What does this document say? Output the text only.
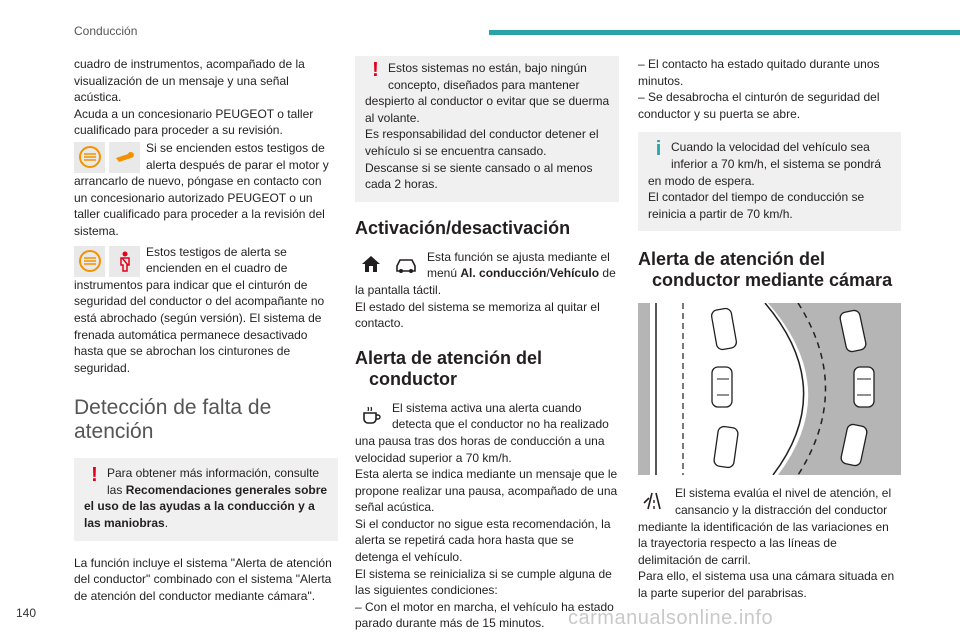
Conducción

cuadro de instrumentos, acompañado de la visualización de un mensaje y una señal acústica.

Acuda a un concesionario PEUGEOT o taller cualificado para proceder a su revisión.

Si se encienden estos testigos de alerta después de parar el motor y arrancarlo de nuevo, póngase en contacto con un concesionario autorizado PEUGEOT o un taller cualificado para proceder a la revisión del sistema.

Estos testigos de alerta se encienden en el cuadro de instrumentos para indicar que el cinturón de seguridad del conductor o del acompañante no está abrochado (según versión). El sistema de frenada automática permanece desactivado hasta que se abrochan los cinturones de seguridad.

Detección de falta de atención
! Para obtener más información, consulte las Recomendaciones generales sobre el uso de las ayudas a la conducción y a las maniobras.

La función incluye el sistema "Alerta de atención del conductor" combinado con el sistema "Alerta de atención del conductor mediante cámara".

! Estos sistemas no están, bajo ningún concepto, diseñados para mantener despierto al conductor o evitar que se duerma al volante.

Es responsabilidad del conductor detener el vehículo si se encuentra cansado.

Descanse si se siente cansado o al menos cada 2 horas.

Activación/desactivación

Esta función se ajusta mediante el menú Al. conducción/Vehículo de la pantalla táctil.

El estado del sistema se memoriza al quitar el contacto.

Alerta de atención del conductor

El sistema activa una alerta cuando detecta que el conductor no ha realizado una pausa tras dos horas de conducción a una velocidad superior a 70 km/h.

Esta alerta se indica mediante un mensaje que le propone realizar una pausa, acompañado de una señal acústica.

Si el conductor no sigue esta recomendación, la alerta se repetirá cada hora hasta que se detenga el vehículo.

El sistema se reinicializa si se cumple alguna de las siguientes condiciones:

– Con el motor en marcha, el vehículo ha estado parado durante más de 15 minutos.

– El contacto ha estado quitado durante unos minutos.

– Se desabrocha el cinturón de seguridad del conductor y su puerta se abre.

i Cuando la velocidad del vehículo sea inferior a 70 km/h, el sistema se pondrá en modo de espera.

El contador del tiempo de conducción se reinicia a partir de 70 km/h.

Alerta de atención del conductor mediante cámara

El sistema evalúa el nivel de atención, el cansancio y la distracción del conductor mediante la identificación de las variaciones en la trayectoria respecto a las líneas de delimitación de carril.

Para ello, el sistema usa una cámara situada en la parte superior del parabrisas.

140	carmanualsonline.info
